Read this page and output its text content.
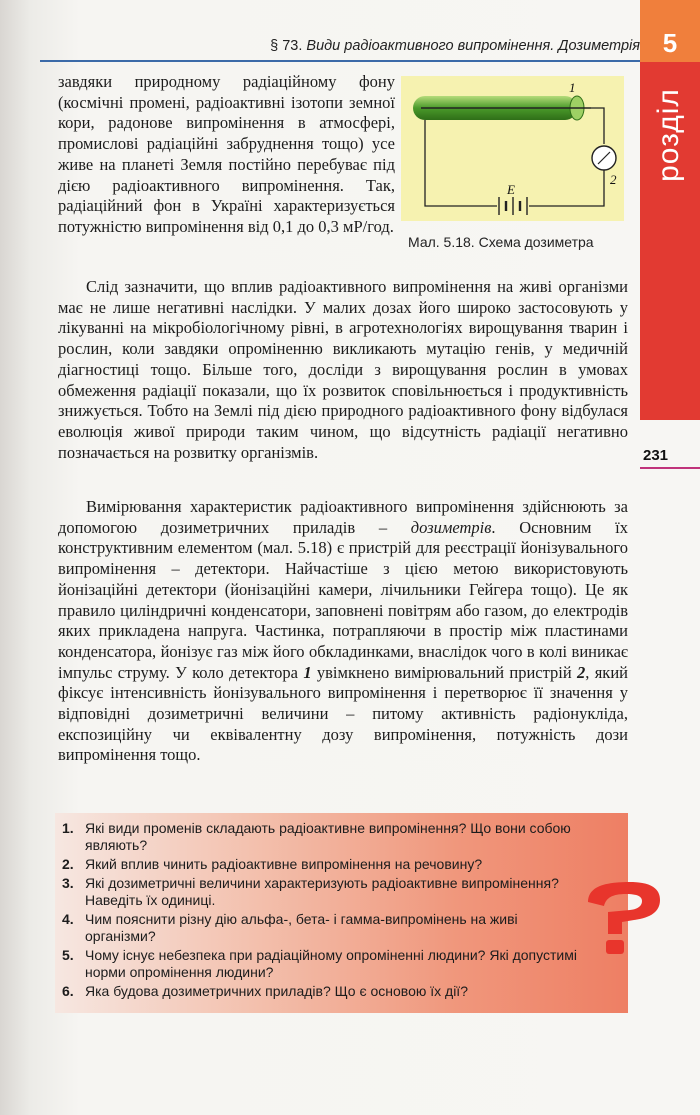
§ 73. Види радіоактивного випромінення. Дозиметрія 5
розділ
231

завдяки природному радіаційному фону (космічні промені, радіоактивні ізотопи земної кори, радонове випромінення в атмосфері, промислові радіаційні забруднення тощо) усе живе на планеті Земля постійно перебуває під дією радіоактивного випромінення. Так, радіаційний фон в Україні характеризується потужністю випромінення від 0,1 до 0,3 мР/год.

1
2
E
Мал. 5.18. Схема дозиметра

Слід зазначити, що вплив радіоактивного випромінення на живі організми має не лише негативні наслідки. У малих дозах його широко застосовують у лікуванні на мікробіологічному рівні, в агротехнологіях вирощування тварин і рослин, коли завдяки опроміненню викликають мутацію генів, у медичній діагностиці тощо. Більше того, досліди з вирощування рослин в умовах обмеження радіації показали, що їх розвиток сповільнюється і продуктивність знижується. Тобто на Землі під дією природного радіоактивного фону відбулася еволюція живої природи таким чином, що відсутність радіації негативно позначається на розвитку організмів.

Вимірювання характеристик радіоактивного випромінення здійснюють за допомогою дозиметричних приладів – дозиметрів. Основним їх конструктивним елементом (мал. 5.18) є пристрій для реєстрації йонізувального випромінення – детектори. Найчастіше з цією метою використовують йонізаційні детектори (йонізаційні камери, лічильники Гейгера тощо). Це як правило циліндричні конденсатори, заповнені повітрям або газом, до електродів яких прикладена напруга. Частинка, потрапляючи в простір між пластинами конденсатора, йонізує газ між його обкладинками, внаслідок чого в колі виникає імпульс струму. У коло детектора 1 увімкнено вимірювальний пристрій 2, який фіксує інтенсивність йонізувального випромінення і перетворює її значення у відповідні дозиметричні величини – питому активність радіонукліда, експозиційну чи еквівалентну дозу випромінення, потужність дози випромінення тощо.

1. Які види променів складають радіоактивне випромінення? Що вони собою являють?
2. Який вплив чинить радіоактивне випромінення на речовину?
3. Які дозиметричні величини характеризують радіоактивне випромінення? Наведіть їх одиниці.
4. Чим пояснити різну дію альфа-, бета- і гамма-випромінень на живі організми?
5. Чому існує небезпека при радіаційному опроміненні людини? Які допустимі норми опромінення людини?
6. Яка будова дозиметричних приладів? Що є основою їх дії?
